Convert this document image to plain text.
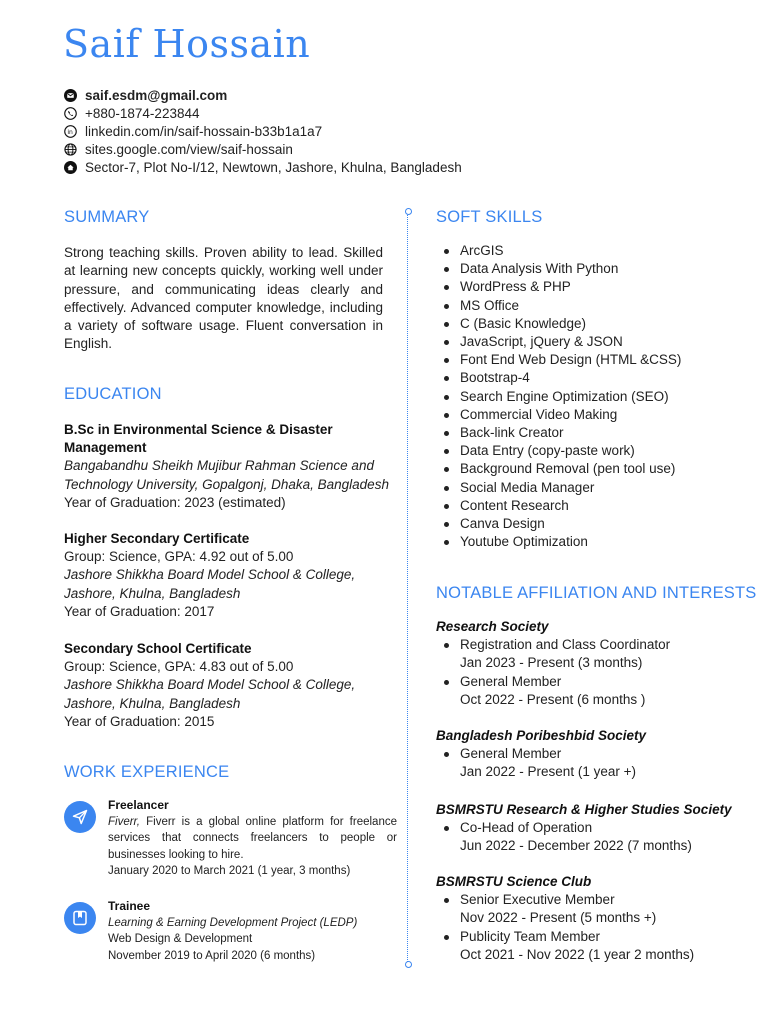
Saif Hossain
saif.esdm@gmail.com
+880-1874-223844
in linkedin.com/in/saif-hossain-b33b1a1a7
sites.google.com/view/saif-hossain
Sector-7, Plot No-I/12, Newtown, Jashore, Khulna, Bangladesh
SUMMARY

Strong teaching skills. Proven ability to lead. Skilled at learning new concepts quickly, working well under pressure, and communicating ideas clearly and effectively. Advanced computer knowledge, including a variety of software usage. Fluent conversation in English.

EDUCATION
B.Sc in Environmental Science & Disaster Management
Bangabandhu Sheikh Mujibur Rahman Science and Technology University, Gopalgonj, Dhaka, Bangladesh
Year of Graduation: 2023 (estimated)
Higher Secondary Certificate
Group: Science, GPA: 4.92 out of 5.00
Jashore Shikkha Board Model School & College, Jashore, Khulna, Bangladesh
Year of Graduation: 2017
Secondary School Certificate
Group: Science, GPA: 4.83 out of 5.00
Jashore Shikkha Board Model School & College, Jashore, Khulna, Bangladesh
Year of Graduation: 2015
WORK EXPERIENCE
Freelancer
Fiverr, Fiverr is a global online platform for freelance services that connects freelancers to people or businesses looking to hire.
January 2020 to March 2021 (1 year, 3 months)
Trainee
Learning & Earning Development Project (LEDP)
Web Design & Development
November 2019 to April 2020 (6 months)
SOFT SKILLS
ArcGIS
Data Analysis With Python
WordPress & PHP
MS Office
C (Basic Knowledge)
JavaScript, jQuery & JSON
Font End Web Design (HTML &CSS)
Bootstrap-4
Search Engine Optimization (SEO)
Commercial Video Making
Back-link Creator
Data Entry (copy-paste work)
Background Removal (pen tool use)
Social Media Manager
Content Research
Canva Design
Youtube Optimization
NOTABLE AFFILIATION AND INTERESTS
Research Society
Registration and Class Coordinator
Jan 2023 - Present (3 months)
General Member
Oct 2022 - Present (6 months )
Bangladesh Poribeshbid Society
General Member
Jan 2022 - Present (1 year +)
BSMRSTU Research & Higher Studies Society
Co-Head of Operation
Jun 2022 - December 2022 (7 months)
BSMRSTU Science Club
Senior Executive Member
Nov 2022 - Present (5 months +)
Publicity Team Member
Oct 2021 - Nov 2022 (1 year 2 months)
